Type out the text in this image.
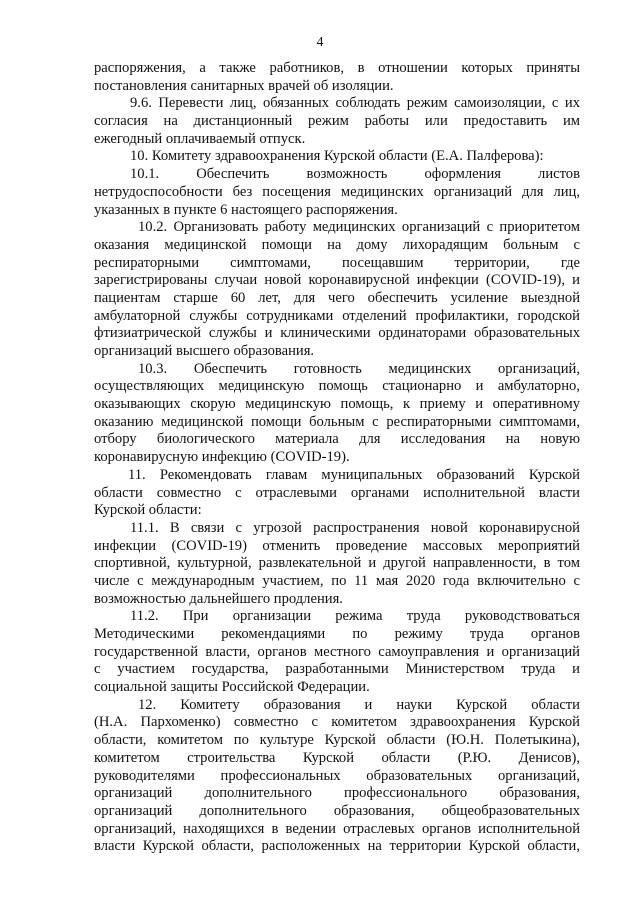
4
распоряжения, а также работников, в отношении которых приняты
постановления санитарных врачей об изоляции.
9.6. Перевести лиц, обязанных соблюдать режим самоизоляции, с их
согласия на дистанционный режим работы или предоставить им
ежегодный оплачиваемый отпуск.
10. Комитету здравоохранения Курской области (Е.А. Палферова):
10.1. Обеспечить возможность оформления листов
нетрудоспособности без посещения медицинских организаций для лиц,
указанных в пункте 6 настоящего распоряжения.
10.2. Организовать работу медицинских организаций с приоритетом
оказания медицинской помощи на дому лихорадящим больным с
респираторными симптомами, посещавшим территории, где
зарегистрированы случаи новой коронавирусной инфекции (COVID-19), и
пациентам старше 60 лет, для чего обеспечить усиление выездной
амбулаторной службы сотрудниками отделений профилактики, городской
фтизиатрической службы и клиническими ординаторами образовательных
организаций высшего образования.
10.3. Обеспечить готовность медицинских организаций,
осуществляющих медицинскую помощь стационарно и амбулаторно,
оказывающих скорую медицинскую помощь, к приему и оперативному
оказанию медицинской помощи больным с респираторными симптомами,
отбору биологического материала для исследования на новую
коронавирусную инфекцию (COVID-19).
11. Рекомендовать главам муниципальных образований Курской
области совместно с отраслевыми органами исполнительной власти
Курской области:
11.1. В связи с угрозой распространения новой коронавирусной
инфекции (COVID-19) отменить проведение массовых мероприятий
спортивной, культурной, развлекательной и другой направленности, в том
числе с международным участием, по 11 мая 2020 года включительно с
возможностью дальнейшего продления.
11.2. При организации режима труда руководствоваться
Методическими рекомендациями по режиму труда органов
государственной власти, органов местного самоуправления и организаций
с участием государства, разработанными Министерством труда и
социальной защиты Российской Федерации.
12. Комитету образования и науки Курской области
(Н.А. Пархоменко) совместно с комитетом здравоохранения Курской
области, комитетом по культуре Курской области (Ю.Н. Полетыкина),
комитетом строительства Курской области (Р.Ю. Денисов),
руководителями профессиональных образовательных организаций,
организаций дополнительного профессионального образования,
организаций дополнительного образования, общеобразовательных
организаций, находящихся в ведении отраслевых органов исполнительной
власти Курской области, расположенных на территории Курской области,
